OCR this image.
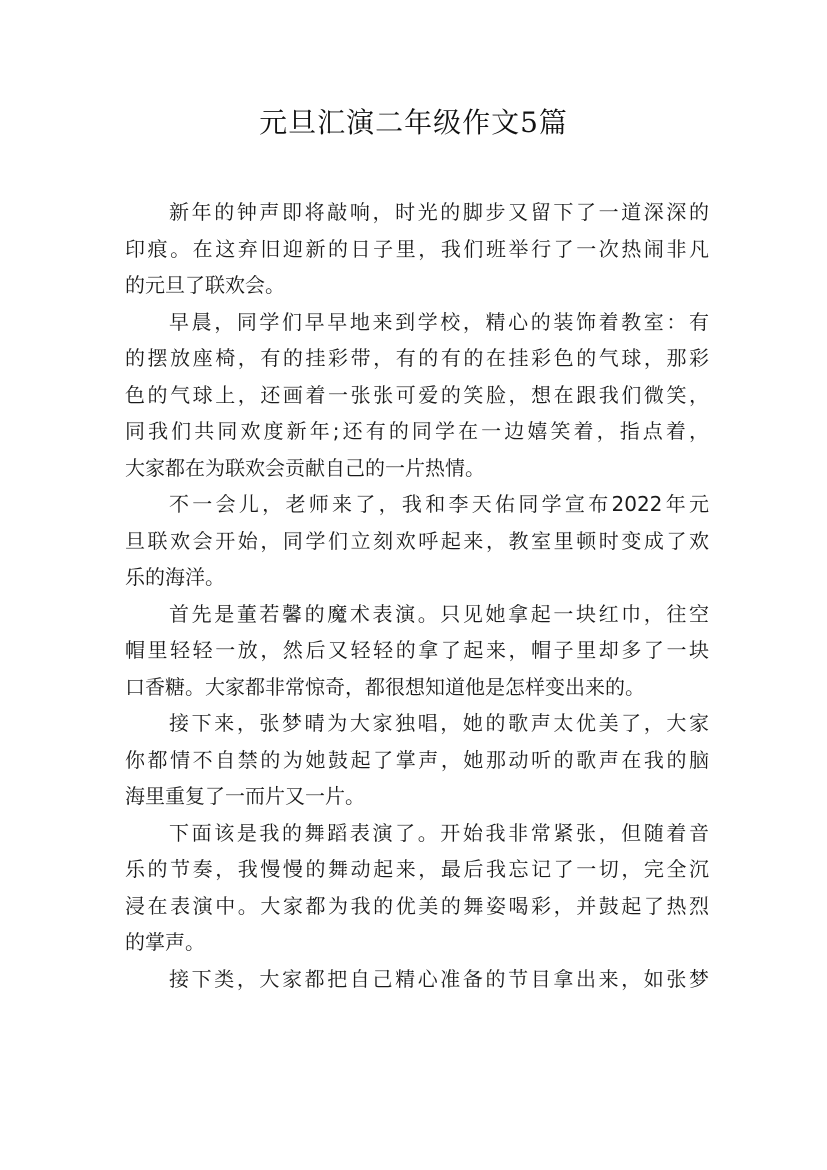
元旦汇演二年级作文5篇
新年的钟声即将敲响，时光的脚步又留下了一道深深的
印痕。在这弃旧迎新的日子里，我们班举行了一次热闹非凡
的元旦了联欢会。
早晨，同学们早早地来到学校，精心的装饰着教室：有
的摆放座椅，有的挂彩带，有的有的在挂彩色的气球，那彩
色的气球上，还画着一张张可爱的笑脸，想在跟我们微笑，
同我们共同欢度新年;还有的同学在一边嬉笑着，指点着，
大家都在为联欢会贡献自己的一片热情。
不一会儿，老师来了，我和李天佑同学宣布2022年元
旦联欢会开始，同学们立刻欢呼起来，教室里顿时变成了欢
乐的海洋。
首先是董若馨的魔术表演。只见她拿起一块红巾，往空
帽里轻轻一放，然后又轻轻的拿了起来，帽子里却多了一块
口香糖。大家都非常惊奇，都很想知道他是怎样变出来的。
接下来，张梦晴为大家独唱，她的歌声太优美了，大家
你都情不自禁的为她鼓起了掌声，她那动听的歌声在我的脑
海里重复了一而片又一片。
下面该是我的舞蹈表演了。开始我非常紧张，但随着音
乐的节奏，我慢慢的舞动起来，最后我忘记了一切，完全沉
浸在表演中。大家都为我的优美的舞姿喝彩，并鼓起了热烈
的掌声。
接下类，大家都把自己精心准备的节目拿出来，如张梦
